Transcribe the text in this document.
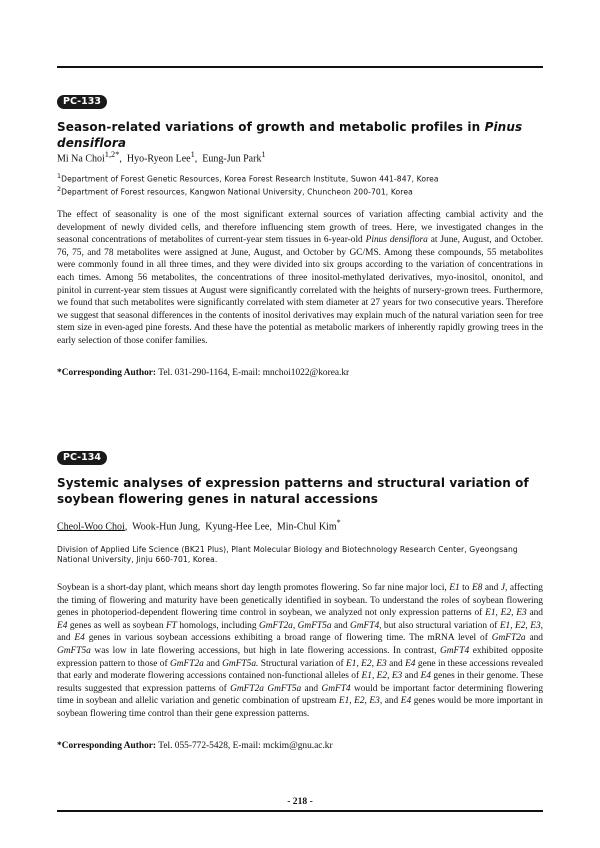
PC-133
Season-related variations of growth and metabolic profiles in Pinus densiflora
Mi Na Choi$^{1,2*}$,  Hyo-Ryeon Lee$^1$,  Eung-Jun Park$^1$
$^1$Department of Forest Genetic Resources, Korea Forest Research Institute, Suwon 441-847, Korea
$^2$Department of Forest resources, Kangwon National University, Chuncheon 200-701, Korea
The effect of seasonality is one of the most significant external sources of variation affecting cambial activity and the development of newly divided cells, and therefore influencing stem growth of trees. Here, we investigated changes in the seasonal concentrations of metabolites of current-year stem tissues in 6-year-old Pinus densiflora at June, August, and October. 76, 75, and 78 metabolites were assigned at June, August, and October by GC/MS. Among these compounds, 55 metabolites were commonly found in all three times, and they were divided into six groups according to the variation of concentrations in each times. Among 56 metabolites, the concentrations of three inositol-methylated derivatives, myo-inositol, ononitol, and pinitol in current-year stem tissues at August were significantly correlated with the heights of nursery-grown trees. Furthermore, we found that such metabolites were significantly correlated with stem diameter at 27 years for two consecutive years. Therefore we suggest that seasonal differences in the contents of inositol derivatives may explain much of the natural variation seen for tree stem size in even-aged pine forests. And these have the potential as metabolic markers of inherently rapidly growing trees in the early selection of those conifer families.
*Corresponding Author: Tel. 031-290-1164, E-mail: mnchoi1022@korea.kr
PC-134
Systemic analyses of expression patterns and structural variation of soybean flowering genes in natural accessions
Cheol-Woo Choi,  Wook-Hun Jung,  Kyung-Hee Lee,  Min-Chul Kim*
Division of Applied Life Science (BK21 Plus), Plant Molecular Biology and Biotechnology Research Center, Gyeongsang National University, Jinju 660-701, Korea.
Soybean is a short-day plant, which means short day length promotes flowering. So far nine major loci, E1 to E8 and J, affecting the timing of flowering and maturity have been genetically identified in soybean. To understand the roles of soybean flowering genes in photoperiod-dependent flowering time control in soybean, we analyzed not only expression patterns of E1, E2, E3 and E4 genes as well as soybean FT homologs, including GmFT2a, GmFT5a and GmFT4, but also structural variation of E1, E2, E3, and E4 genes in various soybean accessions exhibiting a broad range of flowering time. The mRNA level of GmFT2a and GmFT5a was low in late flowering accessions, but high in late flowering accessions. In contrast, GmFT4 exhibited opposite expression pattern to those of GmFT2a and GmFT5a. Structural variation of E1, E2, E3 and E4 gene in these accessions revealed that early and moderate flowering accessions contained non-functional alleles of E1, E2, E3 and E4 genes in their genome. These results suggested that expression patterns of GmFT2a GmFT5a and GmFT4 would be important factor determining flowering time in soybean and allelic variation and genetic combination of upstream E1, E2, E3, and E4 genes would be more important in soybean flowering time control than their gene expression patterns.
*Corresponding Author: Tel. 055-772-5428, E-mail: mckim@gnu.ac.kr
- 218 -
